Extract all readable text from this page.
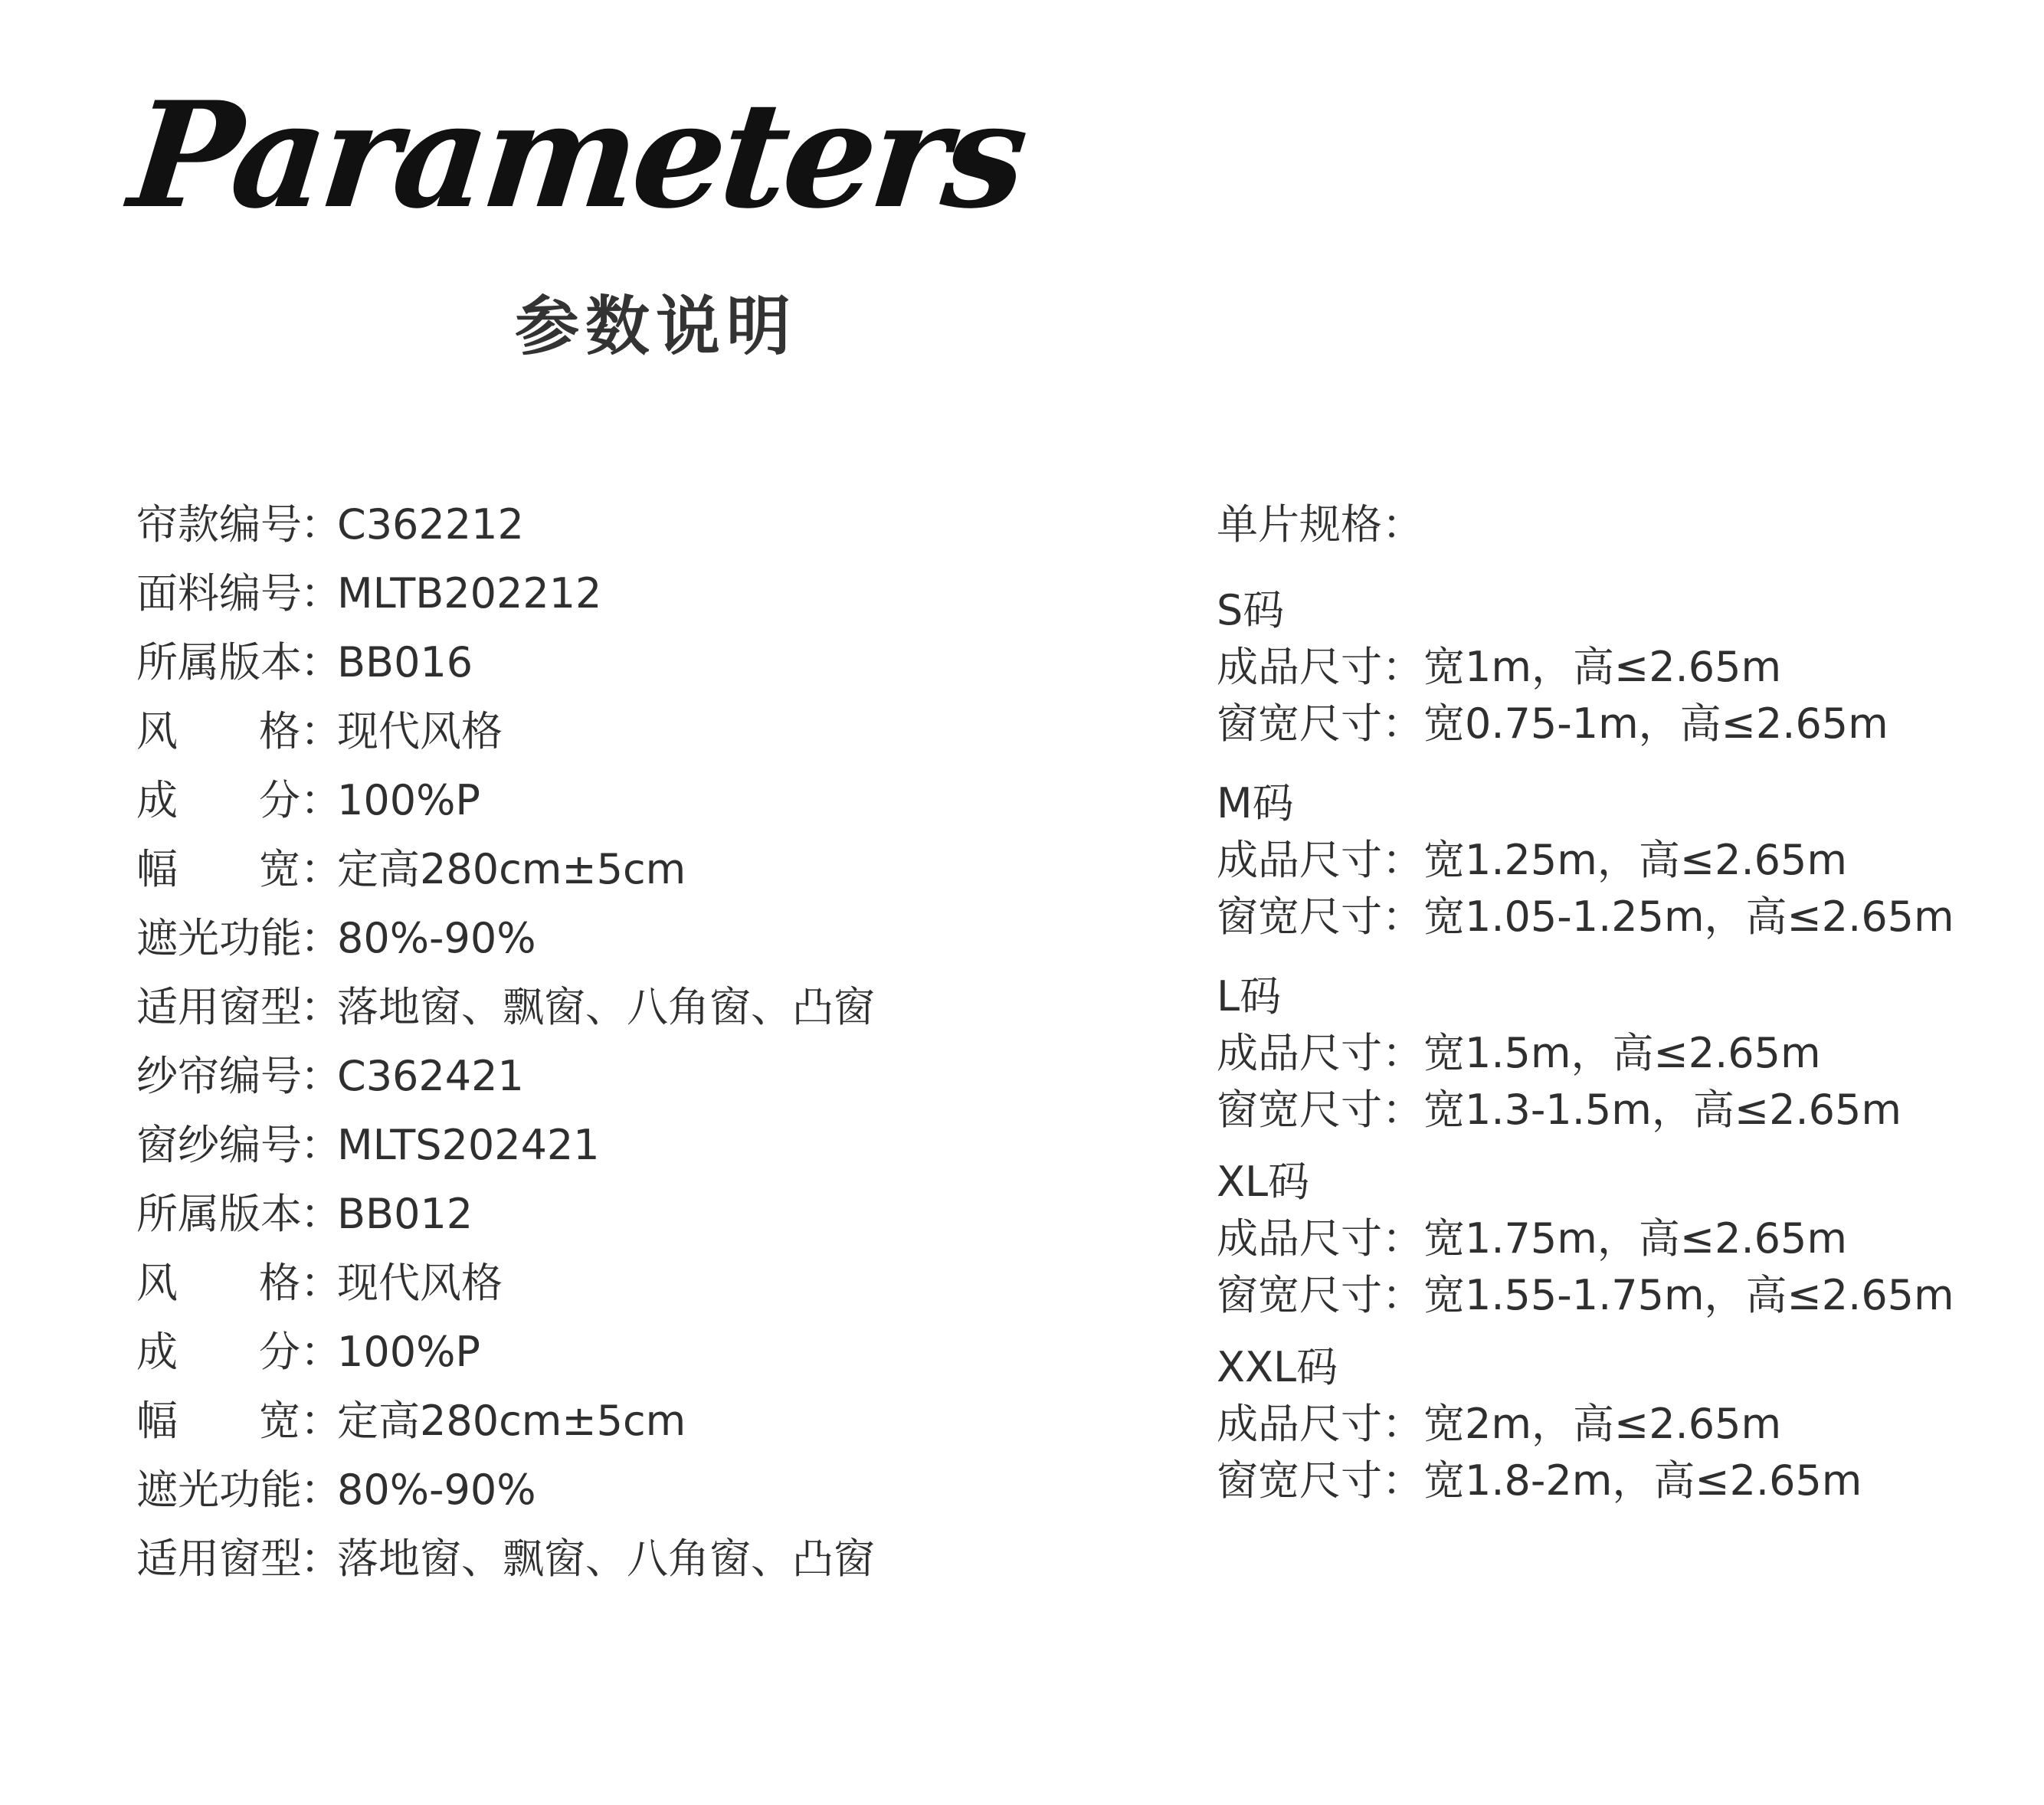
Parameters
参数说明
帘款编号
：
C362212
面料编号
：
MLTB202212
所属版本
：
BB016
风格 ：
现代风格
成分 ：
100%P
幅宽 ：
定高280cm±5cm
遮光功能
：
80%-90%
适用窗型
：
落地窗、飘窗、八角窗、凸窗
纱帘编号
：
C362421
窗纱编号
：
MLTS202421
所属版本
：
BB012
风格 ：
现代风格
成分 ：
100%P
幅宽 ：
定高280cm±5cm
遮光功能
：
80%-90%
适用窗型
：
落地窗、飘窗、八角窗、凸窗
单片规格：
S码
成品尺寸：宽1m，高≤2.65m
窗宽尺寸：宽0.75-1m，高≤2.65m
M码
成品尺寸：宽1.25m，高≤2.65m
窗宽尺寸：宽1.05-1.25m，高≤2.65m
L码
成品尺寸：宽1.5m，高≤2.65m
窗宽尺寸：宽1.3-1.5m，高≤2.65m
XL码
成品尺寸：宽1.75m，高≤2.65m
窗宽尺寸：宽1.55-1.75m，高≤2.65m
XXL码
成品尺寸：宽2m，高≤2.65m
窗宽尺寸：宽1.8-2m，高≤2.65m
